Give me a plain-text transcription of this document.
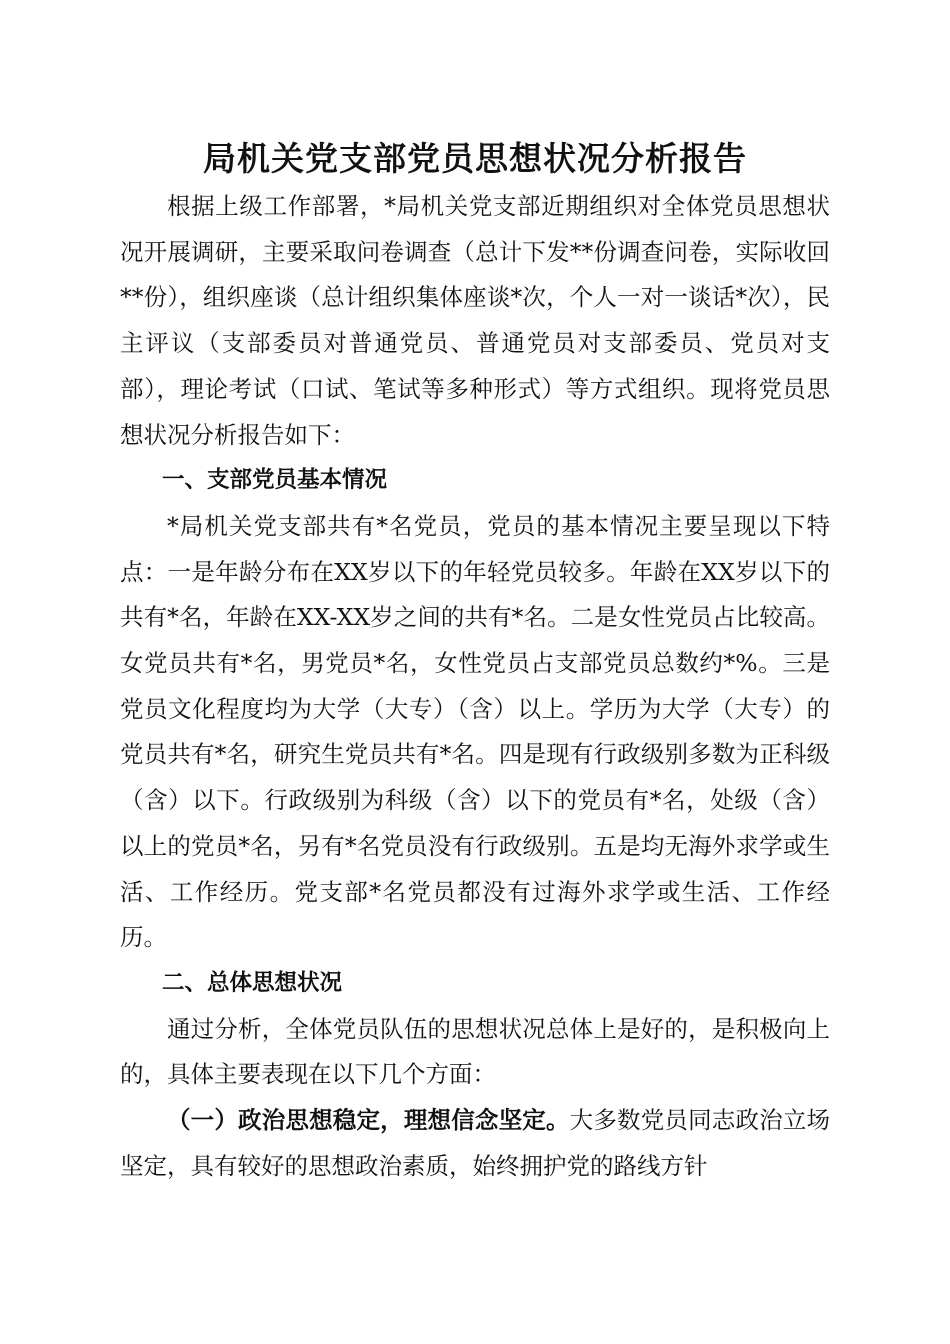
局机关党支部党员思想状况分析报告

根据上级工作部署，*局机关党支部近期组织对全体党员思想状况开展调研，主要采取问卷调查（总计下发**份调查问卷，实际收回**份），组织座谈（总计组织集体座谈*次，个人一对一谈话*次），民主评议（支部委员对普通党员、普通党员对支部委员、党员对支部），理论考试（口试、笔试等多种形式）等方式组织。现将党员思想状况分析报告如下：

一、支部党员基本情况

*局机关党支部共有*名党员，党员的基本情况主要呈现以下特点：一是年龄分布在XX岁以下的年轻党员较多。年龄在XX岁以下的共有*名，年龄在XX-XX岁之间的共有*名。二是女性党员占比较高。女党员共有*名，男党员*名，女性党员占支部党员总数约*%。三是党员文化程度均为大学（大专）（含）以上。学历为大学（大专）的党员共有*名，研究生党员共有*名。四是现有行政级别多数为正科级（含）以下。行政级别为科级（含）以下的党员有*名，处级（含）以上的党员*名，另有*名党员没有行政级别。五是均无海外求学或生活、工作经历。党支部*名党员都没有过海外求学或生活、工作经历。

二、总体思想状况

通过分析，全体党员队伍的思想状况总体上是好的，是积极向上的，具体主要表现在以下几个方面：

（一）政治思想稳定，理想信念坚定。大多数党员同志政治立场坚定，具有较好的思想政治素质，始终拥护党的路线方针
